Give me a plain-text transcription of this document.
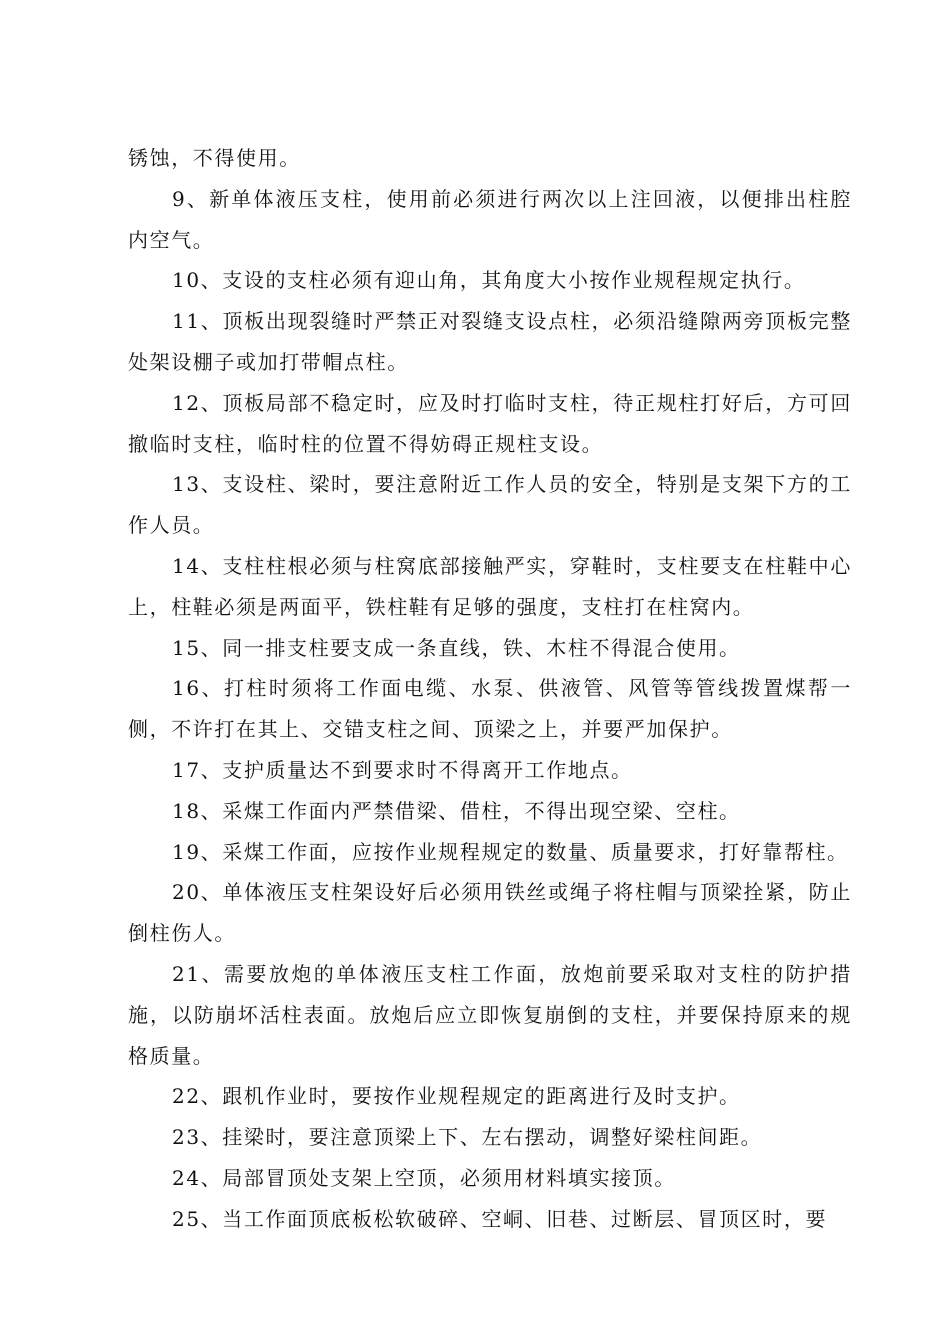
锈蚀，不得使用。

9、新单体液压支柱，使用前必须进行两次以上注回液，以便排出柱腔内空气。

10、支设的支柱必须有迎山角，其角度大小按作业规程规定执行。

11、顶板出现裂缝时严禁正对裂缝支设点柱，必须沿缝隙两旁顶板完整处架设棚子或加打带帽点柱。

12、顶板局部不稳定时，应及时打临时支柱，待正规柱打好后，方可回撤临时支柱，临时柱的位置不得妨碍正规柱支设。

13、支设柱、梁时，要注意附近工作人员的安全，特别是支架下方的工作人员。

14、支柱柱根必须与柱窝底部接触严实，穿鞋时，支柱要支在柱鞋中心上，柱鞋必须是两面平，铁柱鞋有足够的强度，支柱打在柱窝内。

15、同一排支柱要支成一条直线，铁、木柱不得混合使用。

16、打柱时须将工作面电缆、水泵、供液管、风管等管线拨置煤帮一侧，不许打在其上、交错支柱之间、顶梁之上，并要严加保护。

17、支护质量达不到要求时不得离开工作地点。

18、采煤工作面内严禁借梁、借柱，不得出现空梁、空柱。

19、采煤工作面，应按作业规程规定的数量、质量要求，打好靠帮柱。

20、单体液压支柱架设好后必须用铁丝或绳子将柱帽与顶梁拴紧，防止倒柱伤人。

21、需要放炮的单体液压支柱工作面，放炮前要采取对支柱的防护措施，以防崩坏活柱表面。放炮后应立即恢复崩倒的支柱，并要保持原来的规格质量。

22、跟机作业时，要按作业规程规定的距离进行及时支护。

23、挂梁时，要注意顶梁上下、左右摆动，调整好梁柱间距。

24、局部冒顶处支架上空顶，必须用材料填实接顶。

25、当工作面顶底板松软破碎、空峒、旧巷、过断层、冒顶区时，要
